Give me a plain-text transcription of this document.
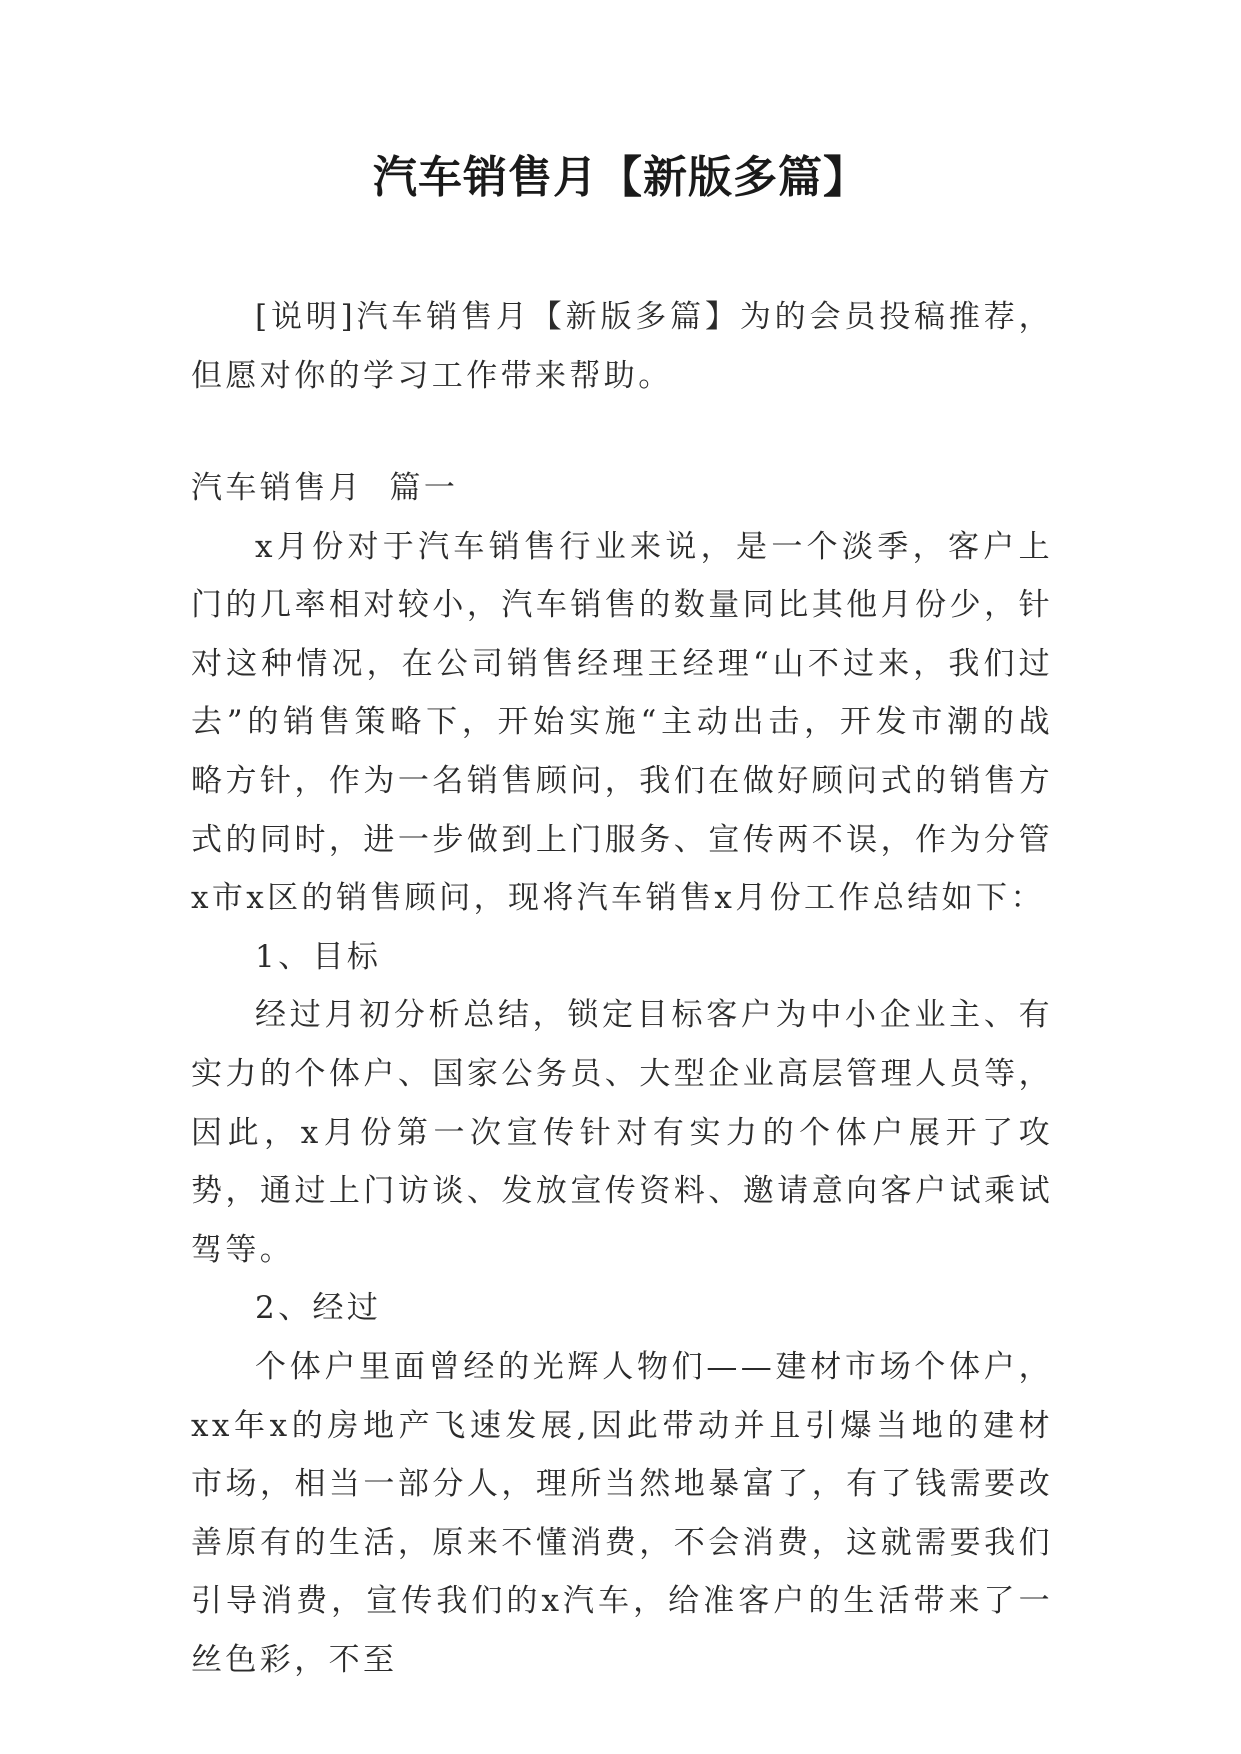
汽车销售月【新版多篇】

[说明]汽车销售月【新版多篇】为的会员投稿推荐，但愿对你的学习工作带来帮助。

汽车销售月  篇一

x月份对于汽车销售行业来说，是一个淡季，客户上门的几率相对较小，汽车销售的数量同比其他月份少，针对这种情况，在公司销售经理王经理“山不过来，我们过去”的销售策略下，开始实施“主动出击，开发市潮的战略方针，作为一名销售顾问，我们在做好顾问式的销售方式的同时，进一步做到上门服务、宣传两不误，作为分管x市x区的销售顾问，现将汽车销售x月份工作总结如下：

1、目标

经过月初分析总结，锁定目标客户为中小企业主、有实力的个体户、国家公务员、大型企业高层管理人员等，因此，x月份第一次宣传针对有实力的个体户展开了攻势，通过上门访谈、发放宣传资料、邀请意向客户试乘试驾等。

2、经过

个体户里面曾经的光辉人物们——建材市场个体户，xx年x的房地产飞速发展,因此带动并且引爆当地的建材市场，相当一部分人，理所当然地暴富了，有了钱需要改善原有的生活，原来不懂消费，不会消费，这就需要我们引导消费，宣传我们的x汽车，给准客户的生活带来了一丝色彩，不至
